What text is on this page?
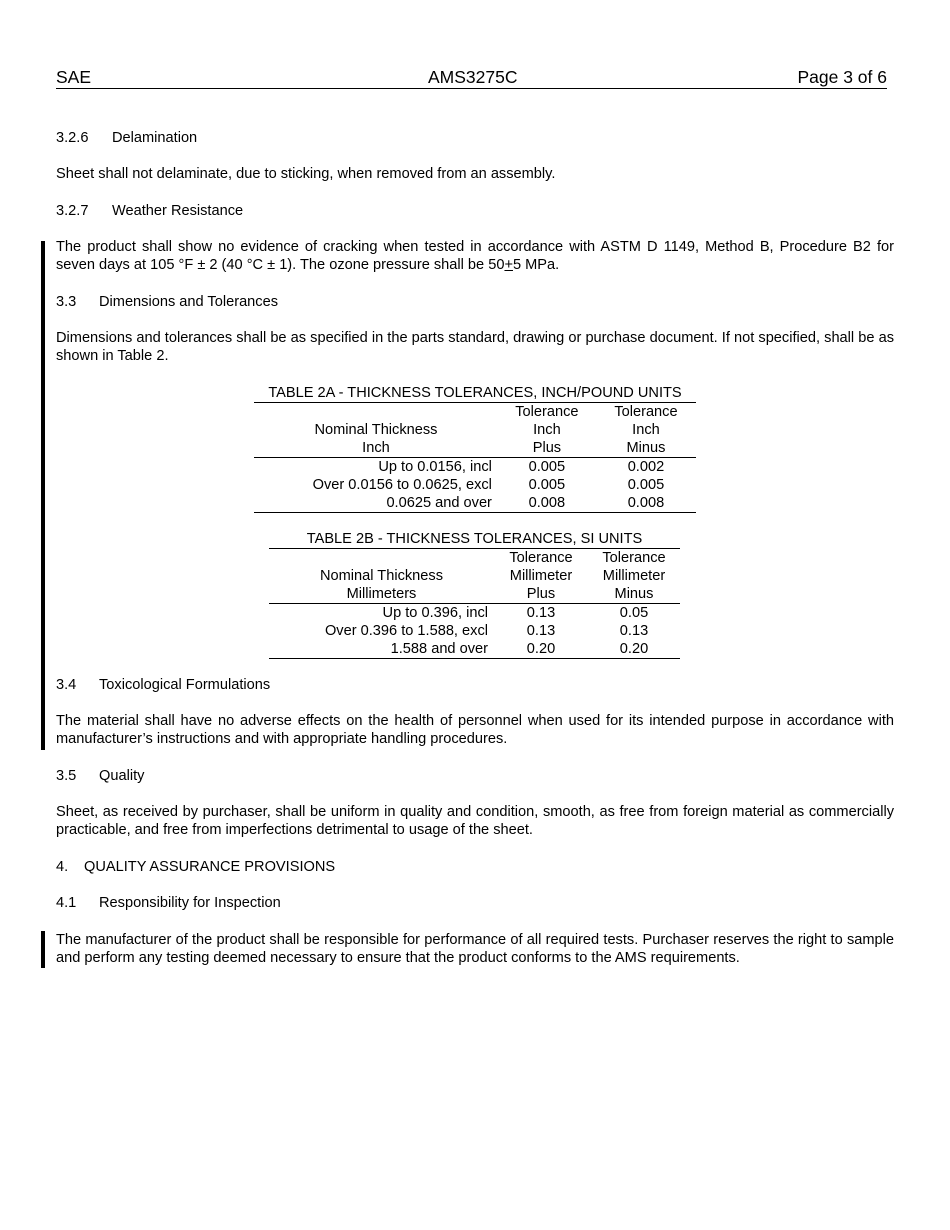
SAE	AMS3275C	Page 3 of 6
3.2.6 Delamination
Sheet shall not delaminate, due to sticking, when removed from an assembly.
3.2.7 Weather Resistance
The product shall show no evidence of cracking when tested in accordance with ASTM D 1149, Method B, Procedure B2 for seven days at 105 °F ± 2 (40 °C ± 1). The ozone pressure shall be 50+5 MPa.
3.3 Dimensions and Tolerances
Dimensions and tolerances shall be as specified in the parts standard, drawing or purchase document. If not specified, shall be as shown in Table 2.
TABLE 2A - THICKNESS TOLERANCES, INCH/POUND UNITS
	Tolerance	Tolerance
Nominal Thickness	Inch	Inch
Inch	Plus	Minus
Up to 0.0156, incl	0.005	0.002
Over 0.0156 to 0.0625, excl	0.005	0.005
0.0625 and over	0.008	0.008
TABLE 2B - THICKNESS TOLERANCES, SI UNITS
	Tolerance	Tolerance
Nominal Thickness	Millimeter	Millimeter
Millimeters	Plus	Minus
Up to 0.396, incl	0.13	0.05
Over 0.396 to 1.588, excl	0.13	0.13
1.588 and over	0.20	0.20
3.4 Toxicological Formulations
The material shall have no adverse effects on the health of personnel when used for its intended purpose in accordance with manufacturer’s instructions and with appropriate handling procedures.
3.5 Quality
Sheet, as received by purchaser, shall be uniform in quality and condition, smooth, as free from foreign material as commercially practicable, and free from imperfections detrimental to usage of the sheet.
4. QUALITY ASSURANCE PROVISIONS
4.1 Responsibility for Inspection
The manufacturer of the product shall be responsible for performance of all required tests. Purchaser reserves the right to sample and perform any testing deemed necessary to ensure that the product conforms to the AMS requirements.
